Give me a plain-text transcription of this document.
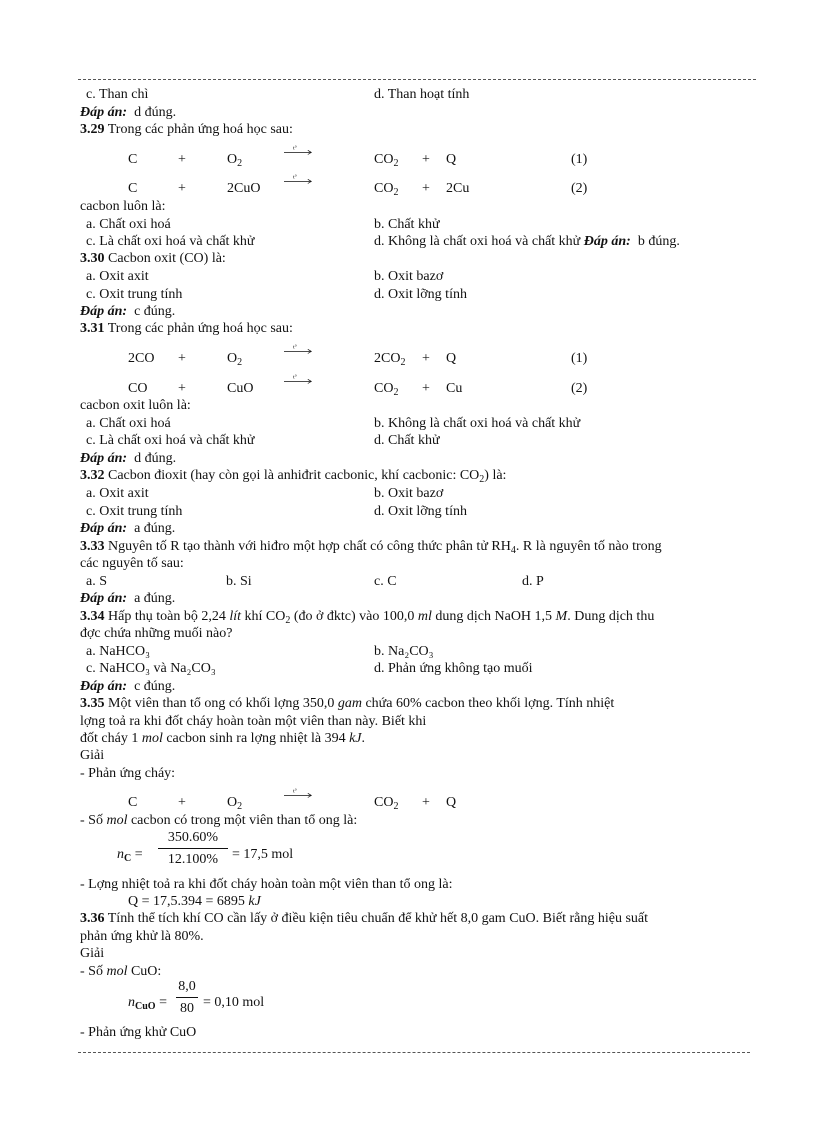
c. Than chì	d. Than hoạt tính
Đáp án: d đúng.
3.29 Trong các phản ứng hoá học sau:
C	+	$O_2$
t°
$CO_2 + Q$	(1)
C	+	2CuO
t°
$CO_2 + 2Cu$	(2)
cacbon luôn là:
a. Chất oxi hoá	b. Chất khử
c. Là chất oxi hoá và chất khử	d. Không là chất oxi hoá và chất khử Đáp án: b đúng.
3.30 Cacbon oxit (CO) là:
a. Oxit axit	b. Oxit bazơ
c. Oxit trung tính	d. Oxit lỡng tính
Đáp án: c đúng.
3.31 Trong các phản ứng hoá học sau:
2CO +	$O_2$
t°
$2CO_2 + Q$	(1)
CO +	CuO
t°
$CO_2 + Cu$	(2)
cacbon oxit luôn là:
a. Chất oxi hoá	b. Không là chất oxi hoá và chất khử
c. Là chất oxi hoá và chất khử	d. Chất khử
Đáp án: d đúng.
3.32 Cacbon đioxit (hay còn gọi là anhiđrit cacbonic, khí cacbonic: $CO_2$) là:
a. Oxit axit	b. Oxit bazơ
c. Oxit trung tính	d. Oxit lỡng tính
Đáp án: a đúng.
3.33 Nguyên tố R tạo thành với hiđro một hợp chất có công thức phân tử $RH_4$. R là nguyên tố nào trong
các nguyên tố sau:
a. S	b. Si	c. C	d. P
Đáp án: a đúng.
3.34 Hấp thụ toàn bộ 2,24 lít khí $CO_2$ (đo ở đktc) vào 100,0 ml dung dịch NaOH 1,5 M. Dung dịch thu
đợc chứa những muối nào?
a. NaHCO₃	b. Na₂CO₃
c. NaHCO₃ và Na₂CO₃	d. Phản ứng không tạo muối
Đáp án: c đúng.
3.35 Một viên than tổ ong có khối lợng 350,0 gam chứa 60% cacbon theo khối lợng. Tính nhiệt
lợng toả ra khi đốt cháy hoàn toàn một viên than này. Biết khi
đốt cháy 1 mol cacbon sinh ra lợng nhiệt là 394 kJ.
Giải
- Phản ứng cháy:
C	+	$O_2$
t°
$CO_2 + Q$
- Số mol cacbon có trong một viên than tổ ong là:
$n_C$ =
350.60%
12.100% = 17,5 mol
- Lợng nhiệt toả ra khi đốt cháy hoàn toàn một viên than tổ ong là:
Q = 17,5.394 = 6895 kJ
3.36 Tính thể tích khí CO cần lấy ở điều kiện tiêu chuẩn để khử hết 8,0 gam CuO. Biết rằng hiệu suất
phản ứng khử là 80%.
Giải
- Số mol CuO:
$n_{CuO}$ =
8,0
80 = 0,10 mol
- Phản ứng khử CuO
